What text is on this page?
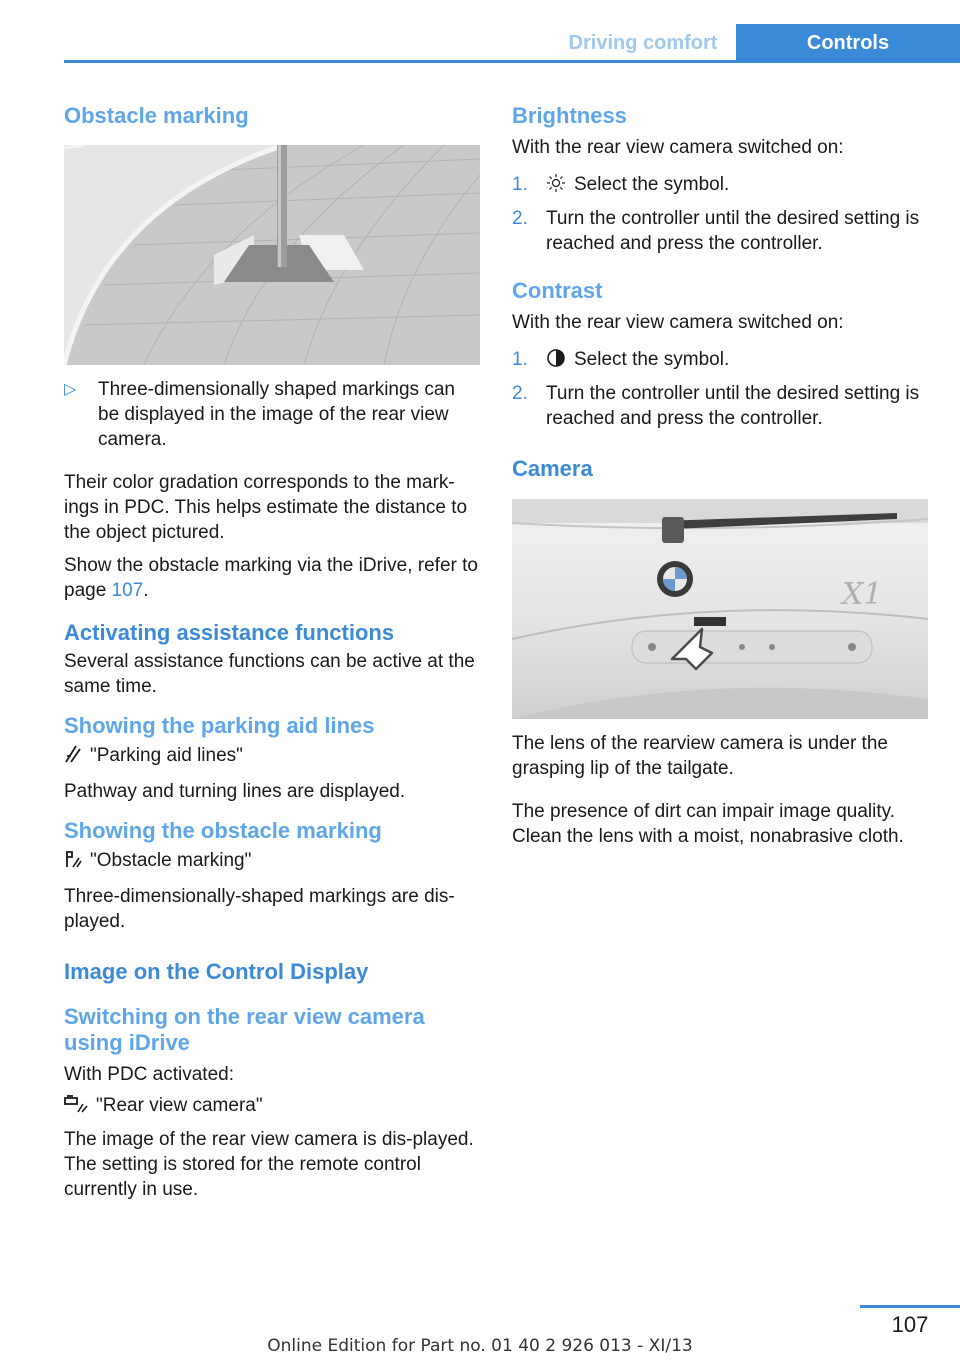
Driving comfort	Controls
Obstacle marking
▷	Three-dimensionally shaped markings can be displayed in the image of the rear view camera.

Their color gradation corresponds to the mark‐ings in PDC. This helps estimate the distance to the object pictured.

Show the obstacle marking via the iDrive, refer to page 107.

Activating assistance functions

Several assistance functions can be active at the same time.

Showing the parking aid lines

"Parking aid lines"

Pathway and turning lines are displayed.

Showing the obstacle marking

"Obstacle marking"

Three-dimensionally-shaped markings are dis‐played.

Image on the Control Display
Switching on the rear view camera using iDrive

With PDC activated:

"Rear view camera"

The image of the rear view camera is dis‐played. The setting is stored for the remote control currently in use.

Brightness

With the rear view camera switched on:

1.	Select the symbol.

2. Turn the controller until the desired setting is reached and press the controller.

Contrast

With the rear view camera switched on:

1.	Select the symbol.

2. Turn the controller until the desired setting is reached and press the controller.

Camera
X1

The lens of the rearview camera is under the grasping lip of the tailgate.

The presence of dirt can impair image quality. Clean the lens with a moist, nonabrasive cloth.

107
Online Edition for Part no. 01 40 2 926 013 - XI/13
